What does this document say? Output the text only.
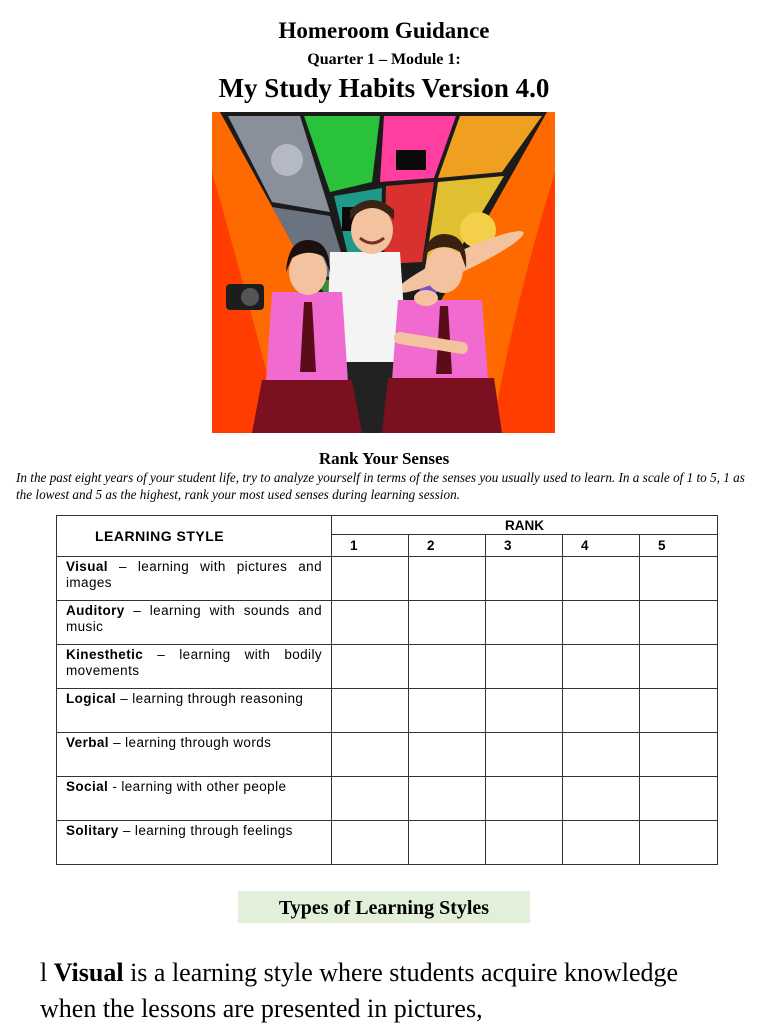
Homeroom Guidance
Quarter 1 – Module 1:
My Study Habits Version 4.0
Rank Your Senses
In the past eight years of your student life, try to analyze yourself in terms of the senses you usually used to learn. In a scale of 1 to 5, 1 as the lowest and 5 as the highest, rank your most used senses during learning session.
LEARNING STYLE	RANK				
	1	2	3	4	5
Visual – learning with pictures and images					
Auditory – learning with sounds and music					
Kinesthetic – learning with bodily movements					
Logical – learning through reasoning					
Verbal – learning through words					
Social - learning with other people					
Solitary – learning through feelings					
Types of Learning Styles
l Visual is a learning style where students acquire knowledge when the lessons are presented in pictures,
